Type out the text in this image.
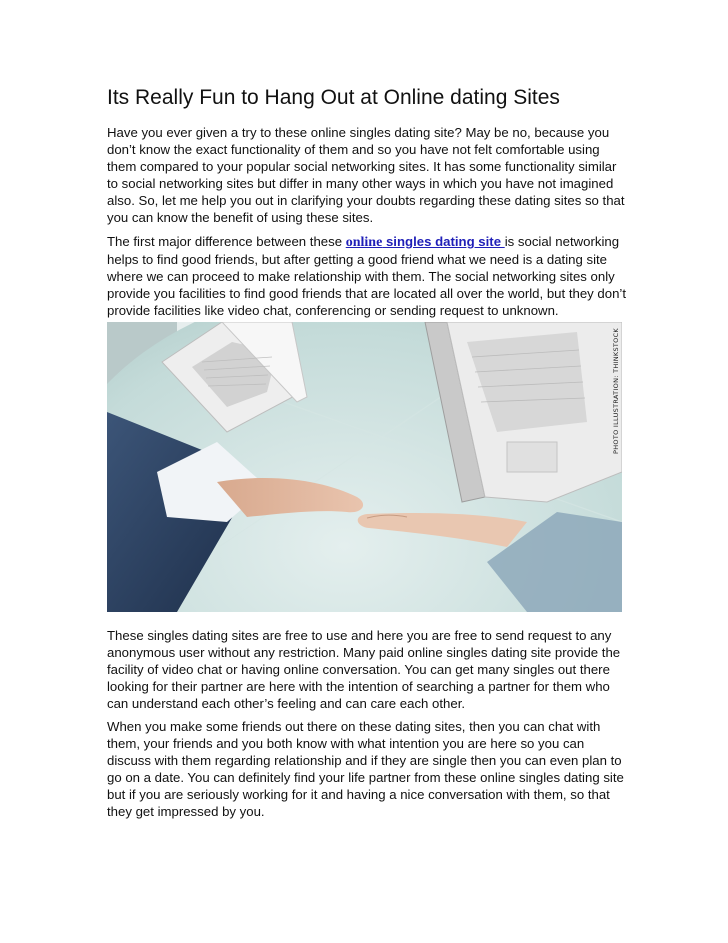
Its Really Fun to Hang Out at Online dating Sites

Have you ever given a try to these online singles dating site? May be no, because you don’t know the exact functionality of them and so you have not felt comfortable using them compared to your popular social networking sites. It has some functionality similar to social networking sites but differ in many other ways in which you have not imagined also. So, let me help you out in clarifying your doubts regarding these dating sites so that you can know the benefit of using these sites.

The first major difference between these online singles dating site is social networking helps to find good friends, but after getting a good friend what we need is a dating site where we can proceed to make relationship with them. The social networking sites only provide you facilities to find good friends that are located all over the world, but they don’t provide facilities like video chat, conferencing or sending request to unknown.

PHOTO ILLUSTRATION: THINKSTOCK

These singles dating sites are free to use and here you are free to send request to any anonymous user without any restriction. Many paid online singles dating site provide the facility of video chat or having online conversation. You can get many singles out there looking for their partner are here with the intention of searching a partner for them who can understand each other’s feeling and can care each other.

When you make some friends out there on these dating sites, then you can chat with them, your friends and you both know with what intention you are here so you can discuss with them regarding relationship and if they are single then you can even plan to go on a date. You can definitely find your life partner from these online singles dating site but if you are seriously working for it and having a nice conversation with them, so that they get impressed by you.
